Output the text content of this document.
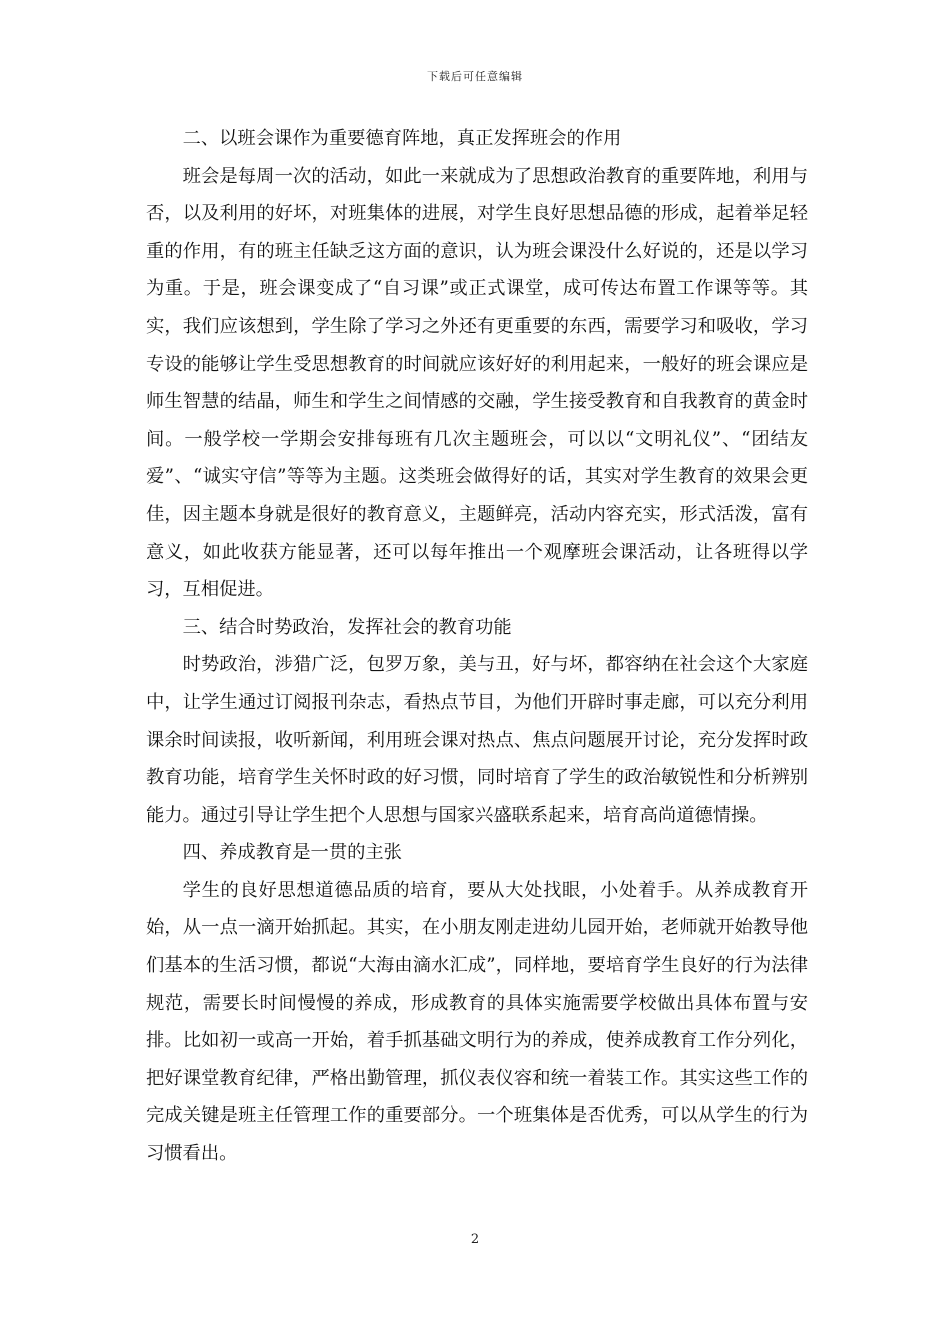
下载后可任意编辑

二、以班会课作为重要德育阵地，真正发挥班会的作用

班会是每周一次的活动，如此一来就成为了思想政治教育的重要阵地，利用与否，以及利用的好坏，对班集体的进展，对学生良好思想品德的形成，起着举足轻重的作用，有的班主任缺乏这方面的意识，认为班会课没什么好说的，还是以学习为重。于是，班会课变成了“自习课”或正式课堂，成可传达布置工作课等等。其实，我们应该想到，学生除了学习之外还有更重要的东西，需要学习和吸收，学习专设的能够让学生受思想教育的时间就应该好好的利用起来，一般好的班会课应是师生智慧的结晶，师生和学生之间情感的交融，学生接受教育和自我教育的黄金时间。一般学校一学期会安排每班有几次主题班会，可以以“文明礼仪”、“团结友爱”、“诚实守信”等等为主题。这类班会做得好的话，其实对学生教育的效果会更佳，因主题本身就是很好的教育意义，主题鲜亮，活动内容充实，形式活泼，富有意义，如此收获方能显著，还可以每年推出一个观摩班会课活动，让各班得以学习，互相促进。

三、结合时势政治，发挥社会的教育功能

时势政治，涉猎广泛，包罗万象，美与丑，好与坏，都容纳在社会这个大家庭中，让学生通过订阅报刊杂志，看热点节目，为他们开辟时事走廊，可以充分利用课余时间读报，收听新闻，利用班会课对热点、焦点问题展开讨论，充分发挥时政教育功能，培育学生关怀时政的好习惯，同时培育了学生的政治敏锐性和分析辨别能力。通过引导让学生把个人思想与国家兴盛联系起来，培育高尚道德情操。

四、养成教育是一贯的主张

学生的良好思想道德品质的培育，要从大处找眼，小处着手。从养成教育开始，从一点一滴开始抓起。其实，在小朋友刚走进幼儿园开始，老师就开始教导他们基本的生活习惯，都说“大海由滴水汇成”，同样地，要培育学生良好的行为法律规范，需要长时间慢慢的养成，形成教育的具体实施需要学校做出具体布置与安排。比如初一或高一开始，着手抓基础文明行为的养成，使养成教育工作分列化，把好课堂教育纪律，严格出勤管理，抓仪表仪容和统一着装工作。其实这些工作的完成关键是班主任管理工作的重要部分。一个班集体是否优秀，可以从学生的行为习惯看出。

2
